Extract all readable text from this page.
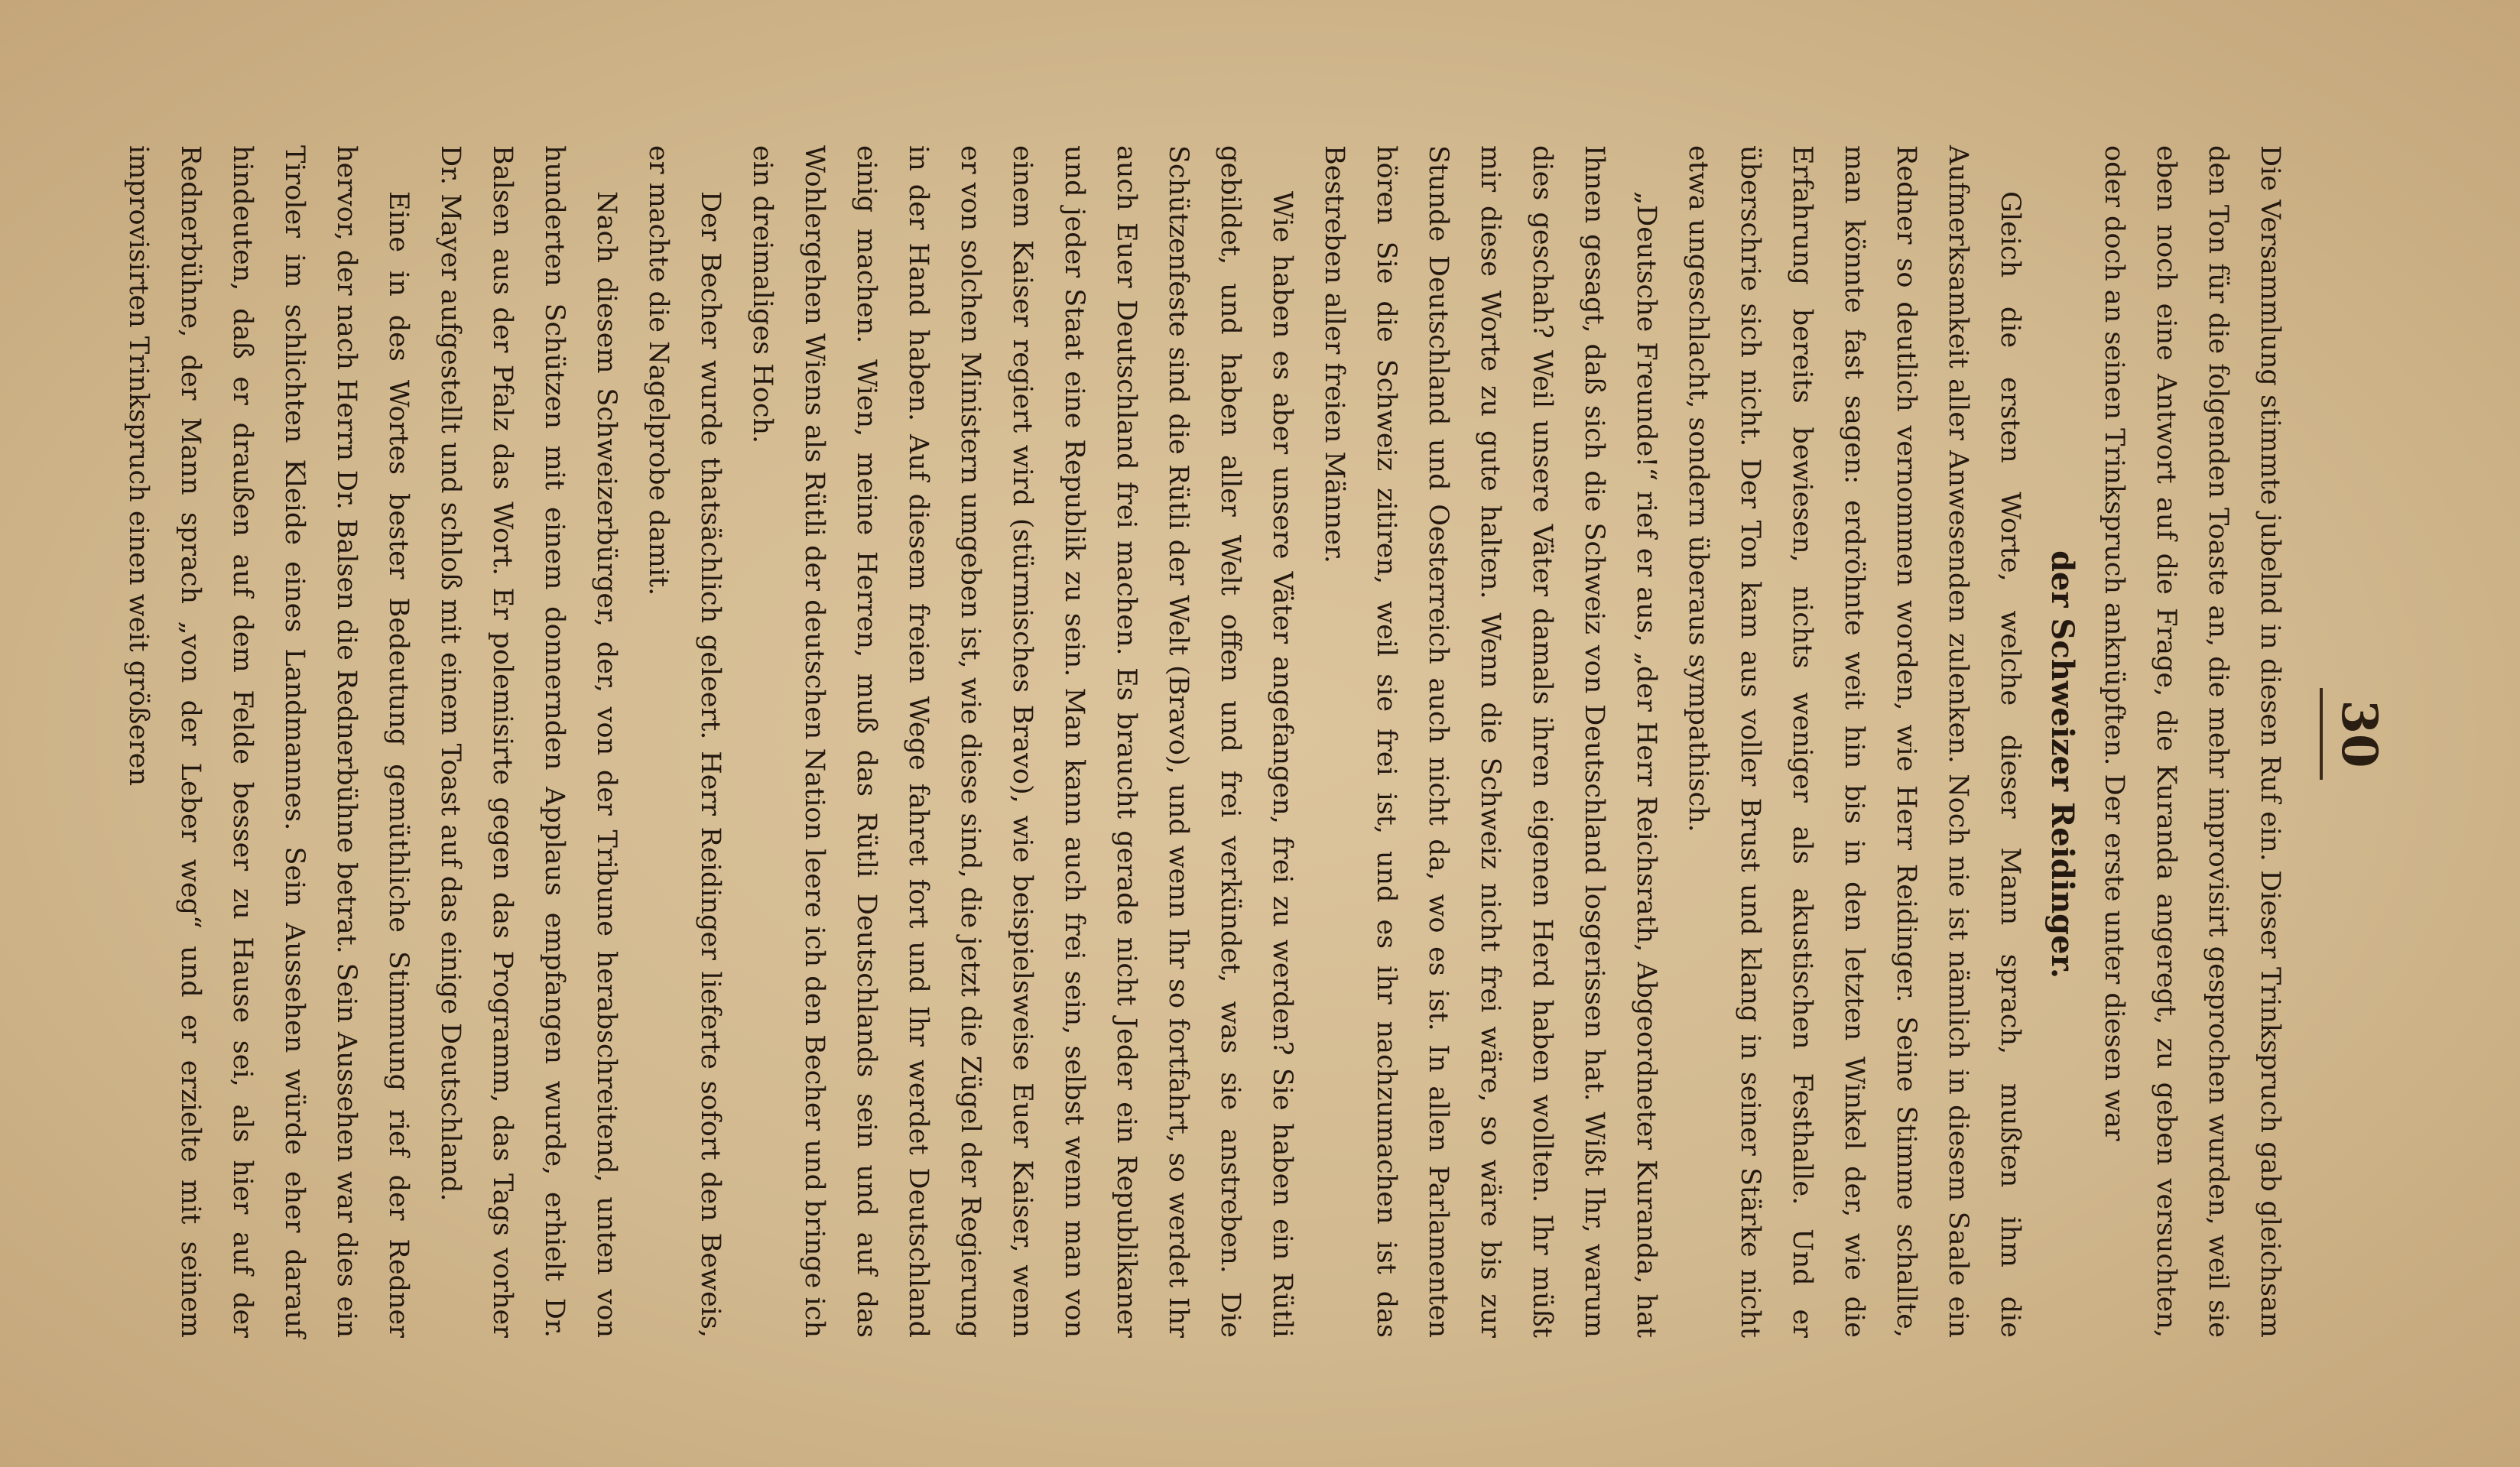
30

Die Versammlung stimmte jubelnd in diesen Ruf ein. Dieser Trinkspruch gab gleichsam den Ton für die folgenden Toaste an, die mehr improvisirt gesprochen wurden, weil sie eben noch eine Antwort auf die Frage, die Kuranda angeregt, zu geben versuchten, oder doch an seinen Trinkspruch anknüpften. Der erste unter diesen war

der Schweizer Reidinger.

Gleich die ersten Worte, welche dieser Mann sprach, mußten ihm die Aufmerksamkeit aller Anwesenden zulenken. Noch nie ist nämlich in diesem Saale ein Redner so deutlich vernommen worden, wie Herr Reidinger. Seine Stimme schallte, man könnte fast sagen: erdröhnte weit hin bis in den letzten Winkel der, wie die Erfahrung bereits bewiesen, nichts weniger als akustischen Festhalle. Und er überschrie sich nicht. Der Ton kam aus voller Brust und klang in seiner Stärke nicht etwa ungeschlacht, sondern überaus sympathisch.

„Deutsche Freunde!“ rief er aus, „der Herr Reichsrath, Abgeordneter Kuranda, hat Ihnen gesagt, daß sich die Schweiz von Deutschland losgerissen hat. Wißt Ihr, warum dies geschah? Weil unsere Väter damals ihren eigenen Herd haben wollten. Ihr müßt mir diese Worte zu gute halten. Wenn die Schweiz nicht frei wäre, so wäre bis zur Stunde Deutschland und Oesterreich auch nicht da, wo es ist. In allen Parlamenten hören Sie die Schweiz zitiren, weil sie frei ist, und es ihr nachzumachen ist das Bestreben aller freien Männer.

Wie haben es aber unsere Väter angefangen, frei zu werden? Sie haben ein Rütli gebildet, und haben aller Welt offen und frei verkündet, was sie anstreben. Die Schützenfeste sind die Rütli der Welt (Bravo), und wenn Ihr so fortfahrt, so werdet Ihr auch Euer Deutschland frei machen. Es braucht gerade nicht Jeder ein Republikaner und jeder Staat eine Republik zu sein. Man kann auch frei sein, selbst wenn man von einem Kaiser regiert wird (stürmisches Bravo), wie beispielsweise Euer Kaiser, wenn er von solchen Ministern umgeben ist, wie diese sind, die jetzt die Zügel der Regierung in der Hand haben. Auf diesem freien Wege fahret fort und Ihr werdet Deutschland einig machen. Wien, meine Herren, muß das Rütli Deutschlands sein und auf das Wohlergehen Wiens als Rütli der deutschen Nation leere ich den Becher und bringe ich ein dreimaliges Hoch.

Der Becher wurde thatsächlich geleert. Herr Reidinger lieferte sofort den Beweis, er machte die Nagelprobe damit.

Nach diesem Schweizerbürger, der, von der Tribune herabschreitend, unten von hunderten Schützen mit einem donnernden Applaus empfangen wurde, erhielt Dr. Balsen aus der Pfalz das Wort. Er polemisirte gegen das Programm, das Tags vorher Dr. Mayer aufgestellt und schloß mit einem Toast auf das einige Deutschland.

Eine in des Wortes bester Bedeutung gemüthliche Stimmung rief der Redner hervor, der nach Herrn Dr. Balsen die Rednerbühne betrat. Sein Aussehen war dies ein Tiroler im schlichten Kleide eines Landmannes. Sein Aussehen würde eher darauf hindeuten, daß er draußen auf dem Felde besser zu Hause sei, als hier auf der Rednerbühne, der Mann sprach „von der Leber weg“ und er erzielte mit seinem improvisirten Trinkspruch einen weit größeren
